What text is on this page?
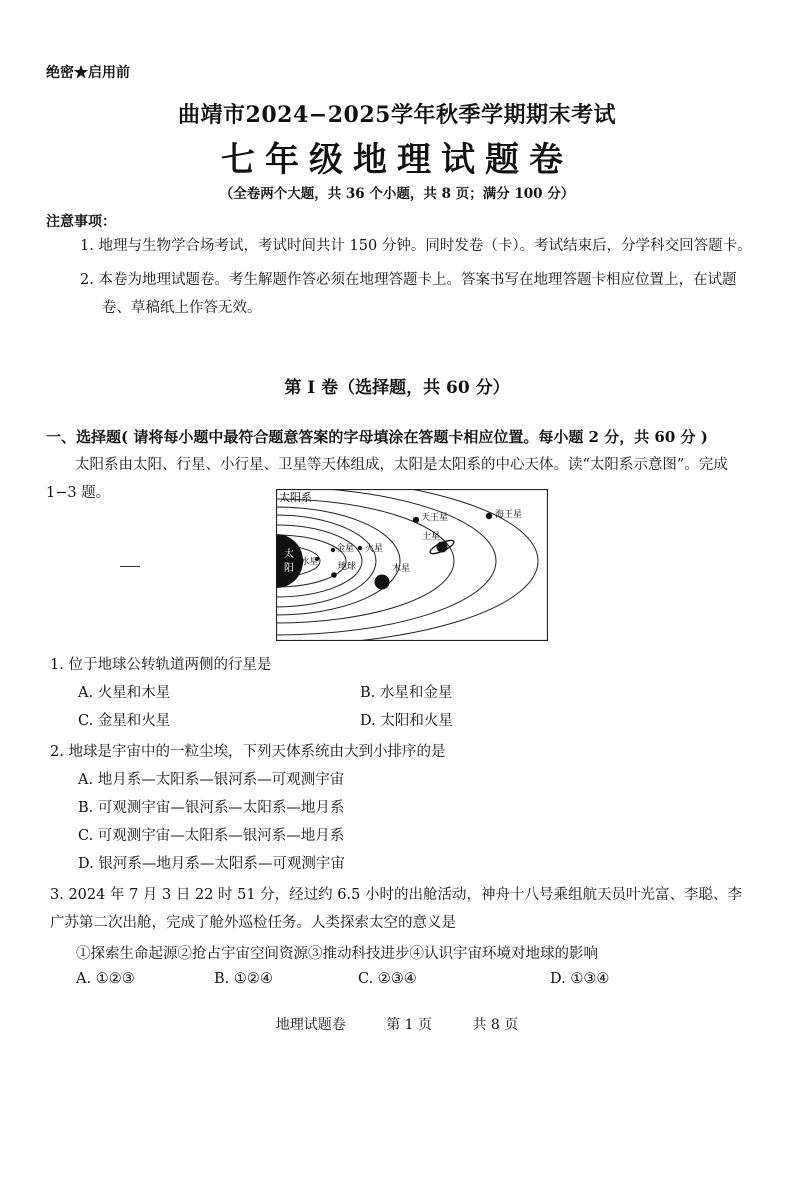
绝密★启用前
曲靖市2024−2025学年秋季学期期末考试
七年级地理试题卷
（全卷两个大题，共 36 个小题，共 8 页；满分 100 分）
注意事项：
1. 地理与生物学合场考试，考试时间共计 150 分钟。同时发卷（卡）。考试结束后，分学科交回答题卡。
2. 本卷为地理试题卷。考生解题作答必须在地理答题卡上。答案书写在地理答题卡相应位置上，在试题卷、草稿纸上作答无效。
第 I 卷（选择题，共 60 分）
一、选择题( 请将每小题中最符合题意答案的字母填涂在答题卡相应位置。每小题 2 分，共 60 分 )
太阳系由太阳、行星、小行星、卫星等天体组成，太阳是太阳系的中心天体。读“太阳系示意图”。完成 1−3 题。	太阳系
太
阳
水星
金星
地球
火星
木星
土星
天王星	海王星
1. 位于地球公转轨道两侧的行星是
A. 火星和木星	B. 水星和金星
C. 金星和火星	D. 太阳和火星
2. 地球是宇宙中的一粒尘埃，下列天体系统由大到小排序的是
A. 地月系—太阳系—银河系—可观测宇宙
B. 可观测宇宙—银河系—太阳系—地月系
C. 可观测宇宙—太阳系—银河系—地月系
D. 银河系—地月系—太阳系—可观测宇宙
3. 2024 年 7 月 3 日 22 时 51 分，经过约 6.5 小时的出舱活动，神舟十八号乘组航天员叶光富、李聪、李广苏第二次出舱，完成了舱外巡检任务。人类探索太空的意义是
①探索生命起源②抢占宇宙空间资源③推动科技进步④认识宇宙环境对地球的影响
A. ①②③	B. ①②④	C. ②③④	D. ①③④
地理试题卷	第 1 页	共 8 页
